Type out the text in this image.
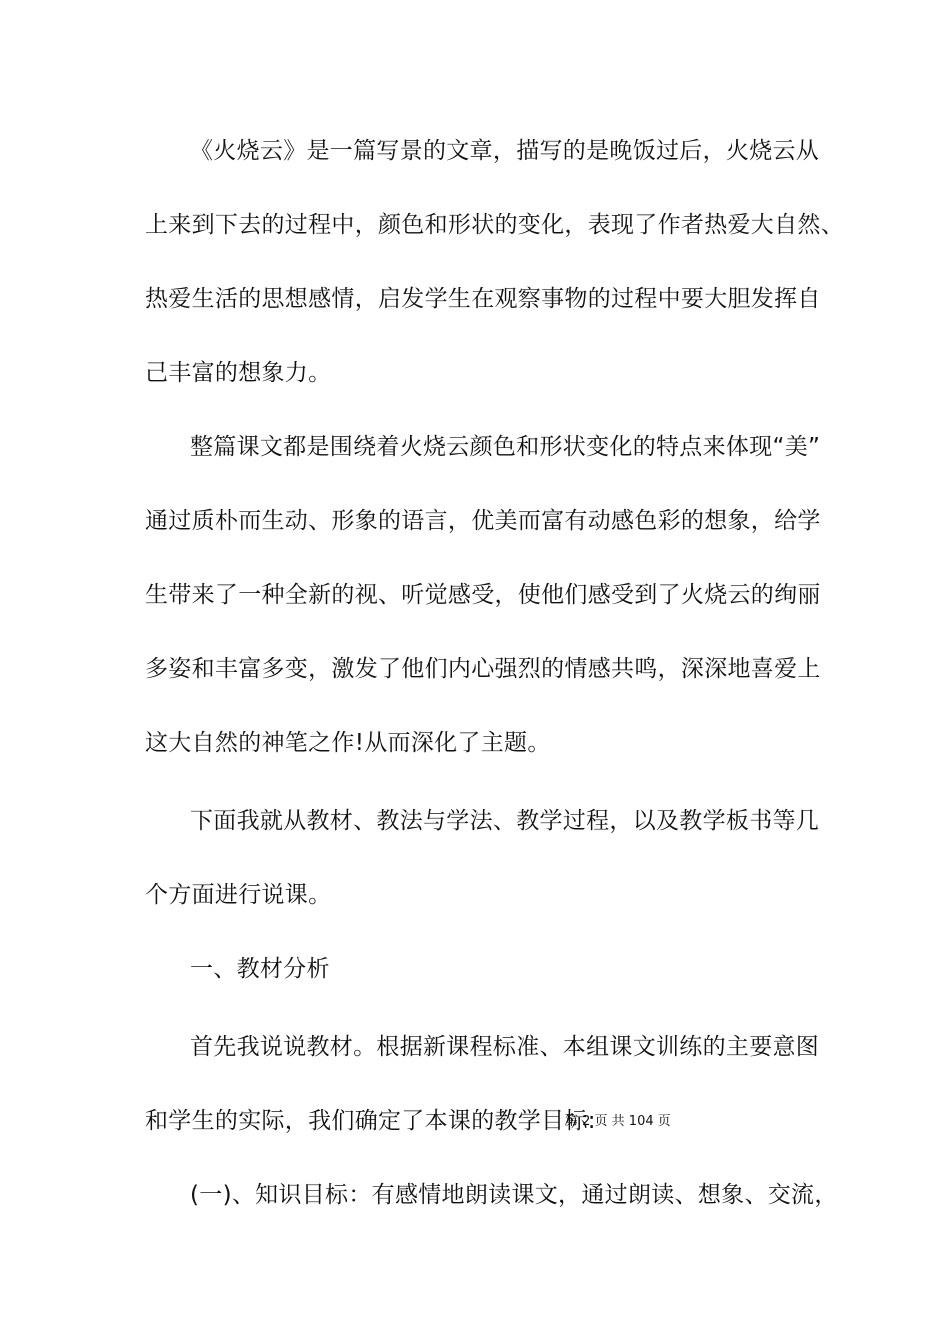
《火烧云》是一篇写景的文章，描写的是晚饭过后，火烧云从
上来到下去的过程中，颜色和形状的变化，表现了作者热爱大自然、
热爱生活的思想感情，启发学生在观察事物的过程中要大胆发挥自
己丰富的想象力。
整篇课文都是围绕着火烧云颜色和形状变化的特点来体现“美”
通过质朴而生动、形象的语言，优美而富有动感色彩的想象，给学
生带来了一种全新的视、听觉感受，使他们感受到了火烧云的绚丽
多姿和丰富多变，激发了他们内心强烈的情感共鸣，深深地喜爱上
这大自然的神笔之作!从而深化了主题。
下面我就从教材、教法与学法、教学过程，以及教学板书等几
个方面进行说课。
一、教材分析
首先我说说教材。根据新课程标准、本组课文训练的主要意图
和学生的实际，我们确定了本课的教学目标:
第 2 页 共 104 页
(一)、知识目标：有感情地朗读课文，通过朗读、想象、交流，
